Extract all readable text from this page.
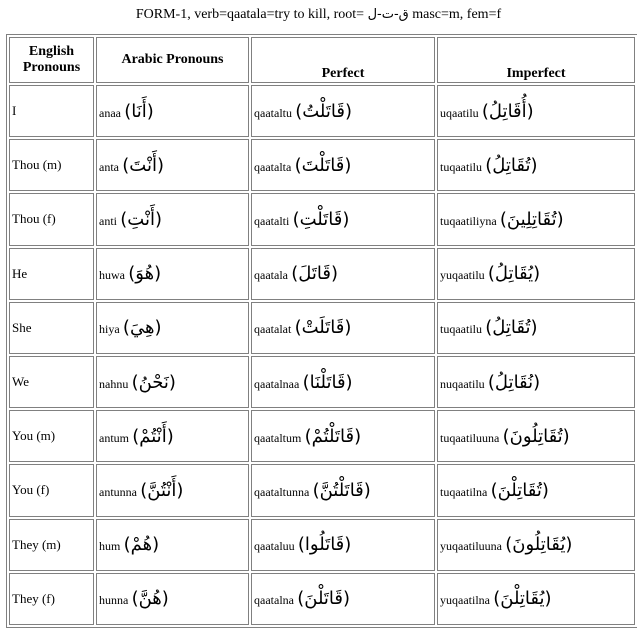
FORM-1, verb=qaatala=try to kill, root= ق-ت-ل masc=m, fem=f
English Pronouns	Arabic Pronouns	Perfect	Imperfect
I	anaa (أَنَا)	qaataltu (قَاتَلْتُ)	uqaatilu (أُقَاتِلُ)
Thou (m)	anta (أَنْتَ)	qaatalta (قَاتَلْتَ)	tuqaatilu (تُقَاتِلُ)
Thou (f)	anti (أَنْتِ)	qaatalti (قَاتَلْتِ)	tuqaatiliyna (تُقَاتِلِينَ)
He	huwa (هُوَ)	qaatala (قَاتَلَ)	yuqaatilu (يُقَاتِلُ)
She	hiya (هِيَ)	qaatalat (قَاتَلَتْ)	tuqaatilu (تُقَاتِلُ)
We	nahnu (نَحْنُ)	qaatalnaa (قَاتَلْنَا)	nuqaatilu (نُقَاتِلُ)
You (m)	antum (أَنْتُمْ)	qaataltum (قَاتَلْتُمْ)	tuqaatiluuna (تُقَاتِلُونَ)
You (f)	antunna (أَنْتُنَّ)	qaataltunna (قَاتَلْتُنَّ)	tuqaatilna (تُقَاتِلْنَ)
They (m)	hum (هُمْ)	qaataluu (قَاتَلُوا)	yuqaatiluuna (يُقَاتِلُونَ)
They (f)	hunna (هُنَّ)	qaatalna (قَاتَلْنَ)	yuqaatilna (يُقَاتِلْنَ)
